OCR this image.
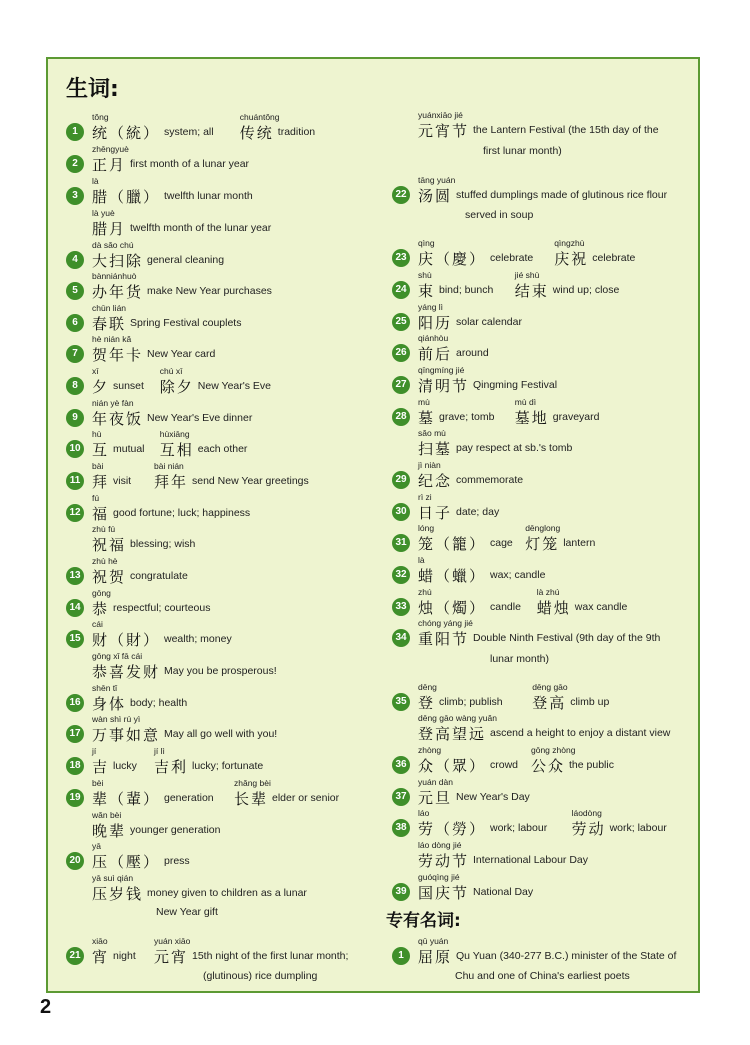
生词:
专有名词:
2
1
tǒng
统（統） system; all
chuántǒng
传统 tradition
2
zhēngyuè
正月 first month of a lunar year
3
là
腊（臘） twelfth lunar month
là yuè
腊月 twelfth month of the lunar year
4
dà sǎo chú
大扫除 general cleaning
5
bànniánhuò
办年货 make New Year purchases
6
chūn lián
春联 Spring Festival couplets
7
hè nián kǎ
贺年卡 New Year card
8
xī
夕 sunset
chú xī
除夕 New Year's Eve
9
nián yè fàn
年夜饭 New Year's Eve dinner
10
hù
互 mutual
hùxiāng
互相 each other
11
bài
拜 visit
bài nián
拜年 send New Year greetings
12
fú
福 good fortune; luck; happiness
zhù fú
祝福 blessing; wish
13
zhù hè
祝贺 congratulate
14
gōng
恭 respectful; courteous
15
cái
财（財） wealth; money
gōng xǐ fā cái
恭喜发财 May you be prosperous!
16
shēn tǐ
身体 body; health
17
wàn shì rú yì
万事如意 May all go well with you!
18
jí
吉 lucky
jí lì
吉利 lucky; fortunate
19
bèi
辈（輩） generation
zhǎng bèi
长辈 elder or senior
wǎn bèi
晚辈 younger generation
20
yā
压（壓） press
yā suì qián
压岁钱 money given to children as a lunar
New Year gift
21
xiāo
宵 night
yuán xiāo
元宵 15th night of the first lunar month;
(glutinous) rice dumpling
yuánxiāo jié
元宵节 the Lantern Festival (the 15th day of the
first lunar month)
22
tāng yuán
汤圆 stuffed dumplings made of glutinous rice flour
served in soup
23
qìng
庆（慶） celebrate
qìngzhù
庆祝 celebrate
24
shù
束 bind; bunch
jié shù
结束 wind up; close
25
yáng lì
阳历 solar calendar
26
qiánhòu
前后 around
27
qīngmíng jié
清明节 Qingming Festival
28
mù
墓 grave; tomb
mù dì
墓地 graveyard
sǎo mù
扫墓 pay respect at sb.'s tomb
29
jì niàn
纪念 commemorate
30
rì zi
日子 date; day
31
lóng
笼（籠） cage
dēnglong
灯笼 lantern
32
là
蜡（蠟） wax; candle
33
zhú
烛（燭） candle
là zhú
蜡烛 wax candle
34
chóng yáng jié
重阳节 Double Ninth Festival (9th day of the 9th
lunar month)
35
dēng
登 climb; publish
dēng gāo
登高 climb up
dēng gāo wàng yuǎn
登高望远 ascend a height to enjoy a distant view
36
zhòng
众（眾） crowd
gōng zhòng
公众 the public
37
yuán dàn
元旦 New Year's Day
38
láo
劳（勞） work; labour
láodòng
劳动 work; labour
láo dòng jié
劳动节 International Labour Day
39
guóqìng jié
国庆节 National Day
1
qū yuán
屈原 Qu Yuan (340-277 B.C.) minister of the State of
Chu and one of China's earliest poets
